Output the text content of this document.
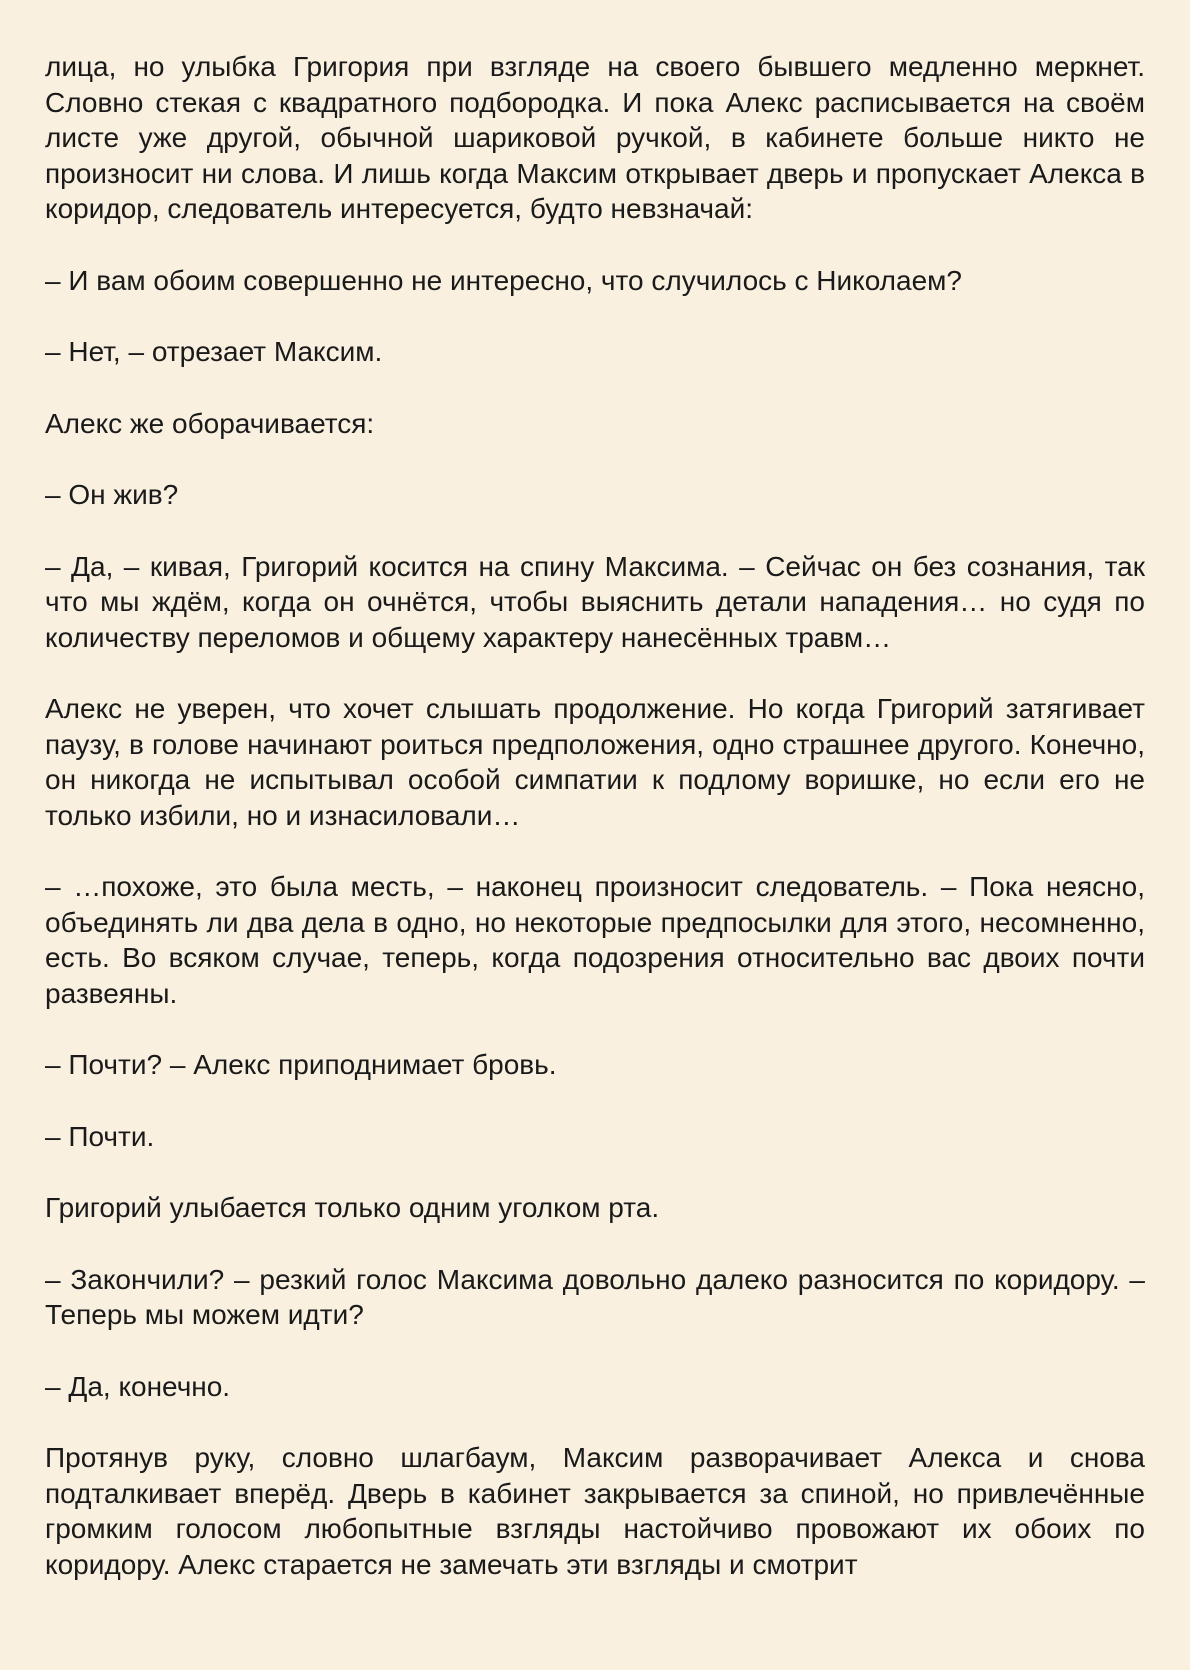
лица, но улыбка Григория при взгляде на своего бывшего медленно меркнет. Словно стекая с квадратного подбородка. И пока Алекс расписывается на своём листе уже другой, обычной шариковой ручкой, в кабинете больше никто не произносит ни слова. И лишь когда Максим открывает дверь и пропускает Алекса в коридор, следователь интересуется, будто невзначай:

– И вам обоим совершенно не интересно, что случилось с Николаем?

– Нет, – отрезает Максим.

Алекс же оборачивается:

– Он жив?

– Да, – кивая, Григорий косится на спину Максима. – Сейчас он без сознания, так что мы ждём, когда он очнётся, чтобы выяснить детали нападения… но судя по количеству переломов и общему характеру нанесённых травм…

Алекс не уверен, что хочет слышать продолжение. Но когда Григорий затягивает паузу, в голове начинают роиться предположения, одно страшнее другого. Конечно, он никогда не испытывал особой симпатии к подлому воришке, но если его не только избили, но и изнасиловали…

– …похоже, это была месть, – наконец произносит следователь. – Пока неясно, объединять ли два дела в одно, но некоторые предпосылки для этого, несомненно, есть. Во всяком случае, теперь, когда подозрения относительно вас двоих почти развеяны.

– Почти? – Алекс приподнимает бровь.

– Почти.

Григорий улыбается только одним уголком рта.

– Закончили? – резкий голос Максима довольно далеко разносится по коридору. – Теперь мы можем идти?

– Да, конечно.

Протянув руку, словно шлагбаум, Максим разворачивает Алекса и снова подталкивает вперёд. Дверь в кабинет закрывается за спиной, но привлечённые громким голосом любопытные взгляды настойчиво провожают их обоих по коридору. Алекс старается не замечать эти взгляды и смотрит
